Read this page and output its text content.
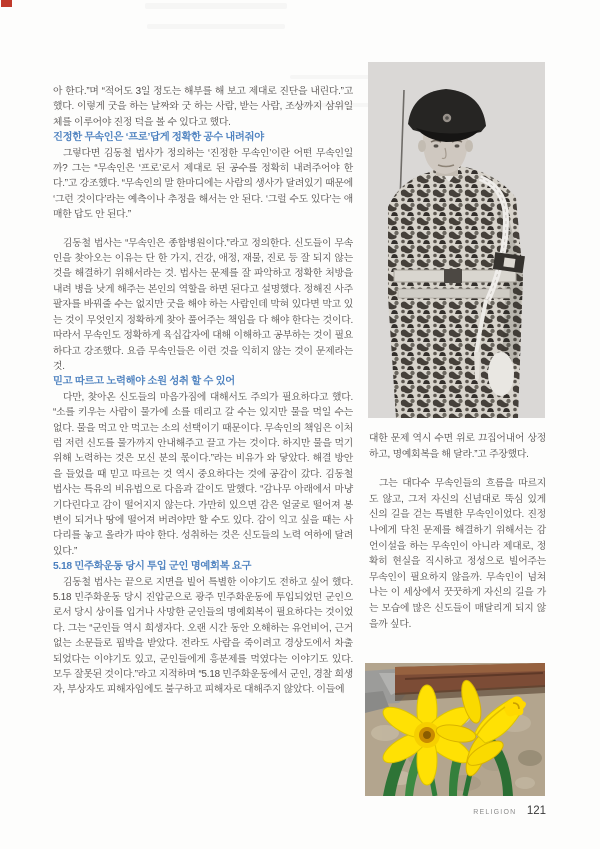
아 한다.”며 “적어도 3일 정도는 해부를 해 보고 제대로 진단을 내린다.”고 했다. 이렇게 굿을 하는 날짜와 굿 하는 사람, 받는 사람, 조상까지 삼위일체를 이루어야 진정 덕을 볼 수 있다고 했다.

진정한 무속인은 ‘프로’답게 정확한 공수 내려줘야

그렇다면 김동철 법사가 정의하는 ‘진정한 무속인’이란 어떤 무속인일까? 그는 “무속인은 ‘프로’로서 제대로 된 공수를 정확히 내려주어야 한다.”고 강조했다. “무속인의 말 한마디에는 사람의 생사가 달려있기 때문에 ‘그런 것이다’라는 예측이나 추정을 해서는 안 된다. ‘그럴 수도 있다’는 애매한 답도 안 된다.”

김동철 법사는 “무속인은 종합병원이다.”라고 정의한다. 신도들이 무속인을 찾아오는 이유는 단 한 가지, 건강, 애정, 재물, 진로 등 잘 되지 않는 것을 해결하기 위해서라는 것. 법사는 문제를 잘 파악하고 정확한 처방을 내려 병을 낫게 해주는 본인의 역할을 하면 된다고 설명했다. 정해진 사주팔자를 바꿔줄 수는 없지만 굿을 해야 하는 사람인데 막혀 있다면 막고 있는 것이 무엇인지 정확하게 찾아 풀어주는 책임을 다 해야 한다는 것이다. 따라서 무속인도 정확하게 육십갑자에 대해 이해하고 공부하는 것이 필요하다고 강조했다. 요즘 무속인들은 이런 것을 익히지 않는 것이 문제라는 것.

믿고 따르고 노력해야 소원 성취 할 수 있어

다만, 찾아온 신도들의 마음가짐에 대해서도 주의가 필요하다고 했다. “소를 키우는 사람이 물가에 소를 데리고 갈 수는 있지만 물을 먹일 수는 없다. 물을 먹고 안 먹고는 소의 선택이기 때문이다. 무속인의 책임은 이처럼 저런 신도를 물가까지 안내해주고 끌고 가는 것이다. 하지만 물을 먹기 위해 노력하는 것은 모신 분의 몫이다.”라는 비유가 와 닿았다. 해결 방안을 들었을 때 믿고 따르는 것 역시 중요하다는 것에 공감이 갔다. 김동철 법사는 특유의 비유법으로 다음과 같이도 말했다. “감나무 아래에서 마냥 기다린다고 감이 떨어지지 않는다. 가만히 있으면 감은 얼굴로 떨어져 봉변이 되거나 땅에 떨어져 버려야만 할 수도 있다. 감이 익고 싶을 때는 사다리를 놓고 올라가 따야 한다. 성취하는 것은 신도들의 노력 여하에 달려있다.”

5.18 민주화운동 당시 투입 군인 명예회복 요구

김동철 법사는 끝으로 지면을 빌어 특별한 이야기도 전하고 싶어 했다. 5.18 민주화운동 당시 진압군으로 광주 민주화운동에 투입되었던 군인으로서 당시 상이를 입거나 사망한 군인들의 명예회복이 필요하다는 것이었다. 그는 “군인들 역시 희생자다. 오랜 시간 동안 오해하는 유언비어, 근거 없는 소문들로 핍박을 받았다. 전라도 사람을 죽이려고 경상도에서 차출되었다는 이야기도 있고, 군인들에게 흥분제를 먹였다는 이야기도 있다. 모두 잘못된 것이다.”라고 지적하며 “5.18 민주화운동에서 군인, 경찰 희생자, 부상자도 피해자임에도 불구하고 피해자로 대해주지 않았다. 이들에

대한 문제 역시 수면 위로 끄집어내어 상정하고, 명예회복을 해 달라.”고 주장했다.

그는 대다수 무속인들의 흐름을 따르지도 않고, 그저 자신의 신념대로 뚝심 있게 신의 길을 걷는 특별한 무속인이었다. 진정 나에게 닥친 문제를 해결하기 위해서는 감언이설을 하는 무속인이 아니라 제대로, 정확히 현실을 직시하고 정성으로 빌어주는 무속인이 필요하지 않을까. 무속인이 넘쳐나는 이 세상에서 꿋꿋하게 자신의 길을 가는 모습에 많은 신도들이 매달리게 되지 않을까 싶다.

RELIGION 121
